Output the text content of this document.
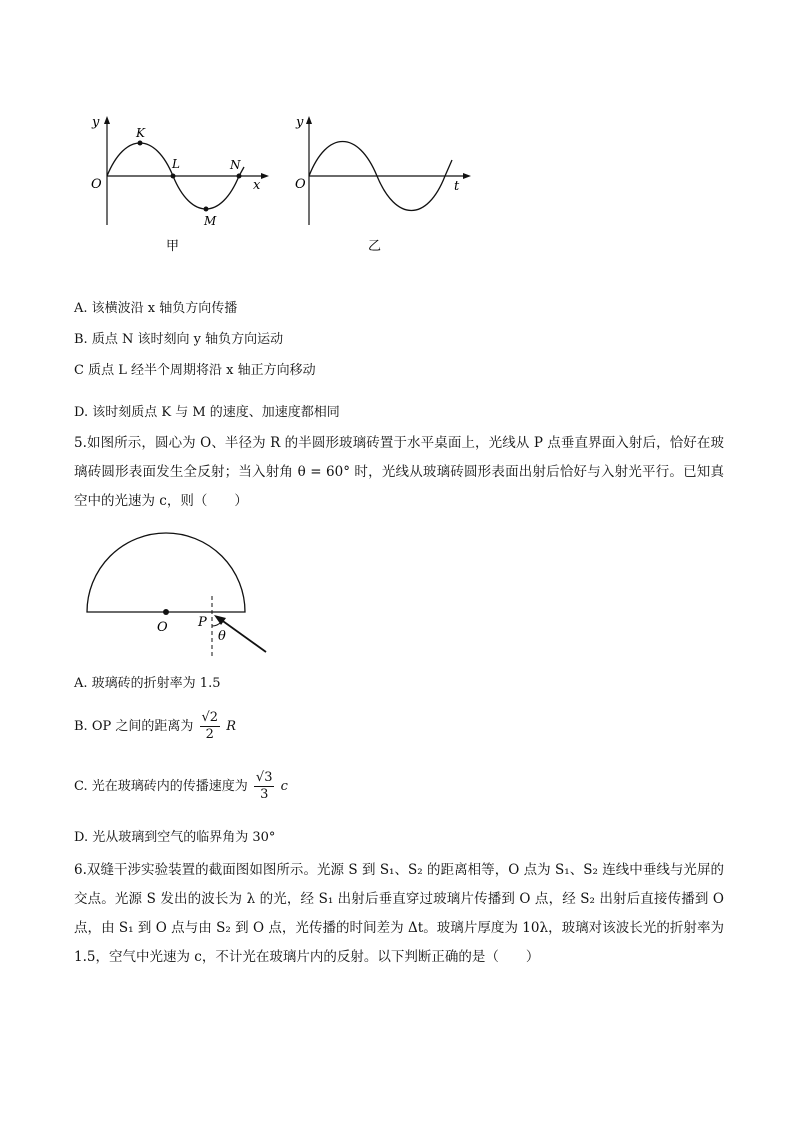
y
x
O
K
L
M
N
甲
y
t
O
乙
A. 该横波沿 x 轴负方向传播
B. 质点 N 该时刻向 y 轴负方向运动
C 质点 L 经半个周期将沿 x 轴正方向移动
D. 该时刻质点 K 与 M 的速度、加速度都相同
5.如图所示，圆心为 O、半径为 R 的半圆形玻璃砖置于水平桌面上，光线从 P 点垂直界面入射后，恰好在玻璃砖圆形表面发生全反射；当入射角 θ = 60° 时，光线从玻璃砖圆形表面出射后恰好与入射光平行。已知真空中的光速为 c，则（　　）
O P
θ
A. 玻璃砖的折射率为 1.5
B. OP 之间的距离为 $\frac{√2}{2}$ R
C. 光在玻璃砖内的传播速度为 $\frac{√3}{3}$ c
D. 光从玻璃到空气的临界角为 30°
6.双缝干涉实验装置的截面图如图所示。光源 S 到 S₁、S₂ 的距离相等，O 点为 S₁、S₂ 连线中垂线与光屏的交点。光源 S 发出的波长为 λ 的光，经 S₁ 出射后垂直穿过玻璃片传播到 O 点，经 S₂ 出射后直接传播到 O 点，由 S₁ 到 O 点与由 S₂ 到 O 点，光传播的时间差为 Δt。玻璃片厚度为 10λ，玻璃对该波长光的折射率为 1.5，空气中光速为 c，不计光在玻璃片内的反射。以下判断正确的是（　　）
